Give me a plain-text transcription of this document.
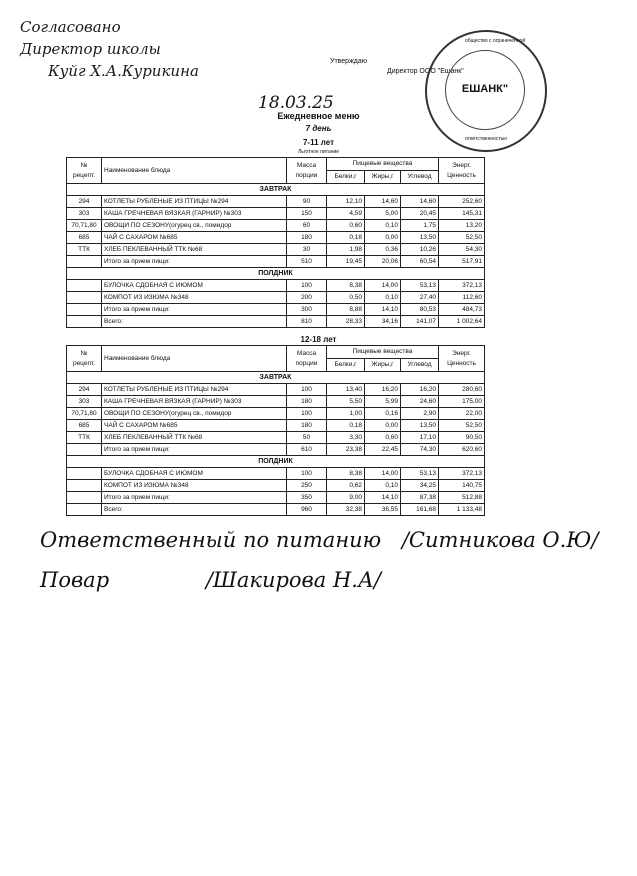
Согласовано
Директор школы
Куйг Х.А.Курикина
Утверждаю
Директор ООО "Ешанк"
общество с ограниченной
ЕШАНК"
ответственностью
18.03.25
Ежедневное меню
7 день
7-11 лет
Льготное питание
№ рецепт.	Наименование блюда	Масса порции	Пищевые вещества			Энерг. Ценность
			Белки,г	Жиры,г	Углевод	
ЗАВТРАК						
294	КОТЛЕТЫ РУБЛЕНЫЕ ИЗ ПТИЦЫ №294	90	12,10	14,60	14,60	252,60
303	КАША ГРЕЧНЕВАЯ ВЯЗКАЯ (ГАРНИР) №303	150	4,59	5,00	20,45	145,31
70,71,80	ОВОЩИ ПО СЕЗОНУ(огурец св., помидор	60	0,60	0,10	1,75	13,20
685	ЧАЙ С САХАРОМ №685	180	0,18	0,00	13,50	52,50
ТТК	ХЛЕБ ПЕКЛЕВАННЫЙ ТТК №68	30	1,98	0,36	10,26	54,30
	Итого за прием пищи:	510	19,45	20,06	60,54	517,91
ПОЛДНИК						
	БУЛОЧКА СДОБНАЯ С ИЮМОМ	100	8,38	14,00	53,13	372,13
	КОМПОТ ИЗ ИЗЮМА №348	200	0,50	0,10	27,40	112,60
	Итого за прием пищи:	300	8,88	14,10	80,53	484,73
	Всего:	810	28,33	34,16	141,07	1 002,64
12-18 лет
№ рецепт.	Наименование блюда	Масса порции	Пищевые вещества			Энерг. Ценность
			Белки,г	Жиры,г	Углевод	
ЗАВТРАК						
294	КОТЛЕТЫ РУБЛЕНЫЕ ИЗ ПТИЦЫ №294	100	13,40	16,20	16,20	280,60
303	КАША ГРЕЧНЕВАЯ ВЯЗКАЯ (ГАРНИР) №303	180	5,50	5,99	24,60	175,00
70,71,80	ОВОЩИ ПО СЕЗОНУ(огурец св., помидор	100	1,00	0,16	2,90	22,00
685	ЧАЙ С САХАРОМ №685	180	0,18	0,00	13,50	52,50
ТТК	ХЛЕБ ПЕКЛЕВАННЫЙ ТТК №68	50	3,30	0,60	17,10	90,50
	Итого за прием пищи:	610	23,38	22,45	74,30	620,60
ПОЛДНИК						
	БУЛОЧКА СДОБНАЯ С ИЮМОМ	100	8,38	14,00	53,13	372,13
	КОМПОТ ИЗ ИЗЮМА №348	250	0,62	0,10	34,25	140,75
	Итого за прием пищи:	350	9,00	14,10	87,38	512,88
	Всего:	960	32,38	36,55	161,68	1 133,48
Ответственный по питанию /Ситникова О.Ю/
Повар	/Шакирова Н.А/
